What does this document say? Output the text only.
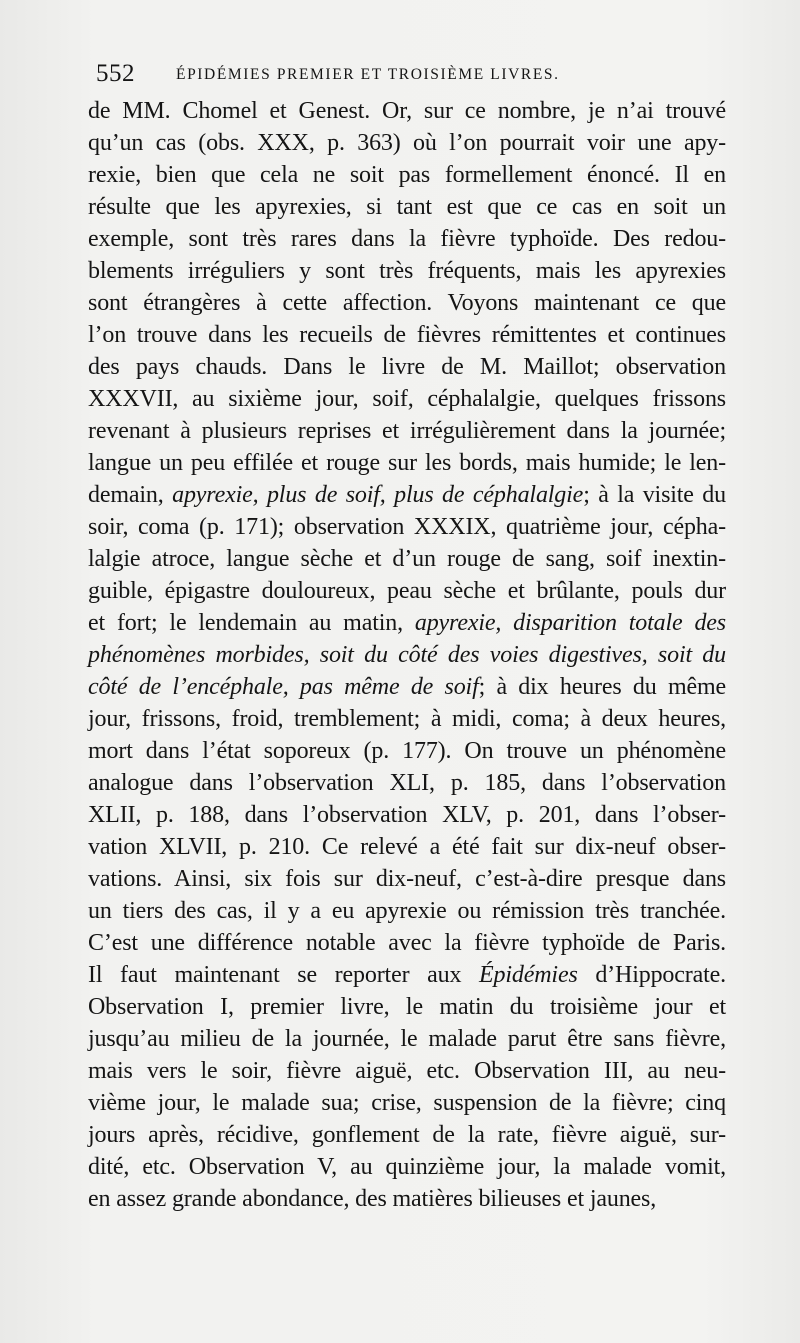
552	ÉPIDÉMIES PREMIER ET TROISIÈME LIVRES.
de MM. Chomel et Genest. Or, sur ce nombre, je n’ai trouvé
qu’un cas (obs. XXX, p. 363) où l’on pourrait voir une apy-
rexie, bien que cela ne soit pas formellement énoncé. Il en
résulte que les apyrexies, si tant est que ce cas en soit un
exemple, sont très rares dans la fièvre typhoïde. Des redou-
blements irréguliers y sont très fréquents, mais les apyrexies
sont étrangères à cette affection. Voyons maintenant ce que
l’on trouve dans les recueils de fièvres rémittentes et continues
des pays chauds. Dans le livre de M. Maillot; observation
XXXVII, au sixième jour, soif, céphalalgie, quelques frissons
revenant à plusieurs reprises et irrégulièrement dans la journée;
langue un peu effilée et rouge sur les bords, mais humide; le len-
demain, apyrexie, plus de soif, plus de céphalalgie; à la visite du
soir, coma (p. 171); observation XXXIX, quatrième jour, cépha-
lalgie atroce, langue sèche et d’un rouge de sang, soif inextin-
guible, épigastre douloureux, peau sèche et brûlante, pouls dur
et fort; le lendemain au matin, apyrexie, disparition totale des
phénomènes morbides, soit du côté des voies digestives, soit du
côté de l’encéphale, pas même de soif; à dix heures du même
jour, frissons, froid, tremblement; à midi, coma; à deux heures,
mort dans l’état soporeux (p. 177). On trouve un phénomène
analogue dans l’observation XLI, p. 185, dans l’observation
XLII, p. 188, dans l’observation XLV, p. 201, dans l’obser-
vation XLVII, p. 210. Ce relevé a été fait sur dix-neuf obser-
vations. Ainsi, six fois sur dix-neuf, c’est-à-dire presque dans
un tiers des cas, il y a eu apyrexie ou rémission très tranchée.
C’est une différence notable avec la fièvre typhoïde de Paris.
Il faut maintenant se reporter aux Épidémies d’Hippocrate.
Observation I, premier livre, le matin du troisième jour et
jusqu’au milieu de la journée, le malade parut être sans fièvre,
mais vers le soir, fièvre aiguë, etc. Observation III, au neu-
vième jour, le malade sua; crise, suspension de la fièvre; cinq
jours après, récidive, gonflement de la rate, fièvre aiguë, sur-
dité, etc. Observation V, au quinzième jour, la malade vomit,
en assez grande abondance, des matières bilieuses et jaunes,
